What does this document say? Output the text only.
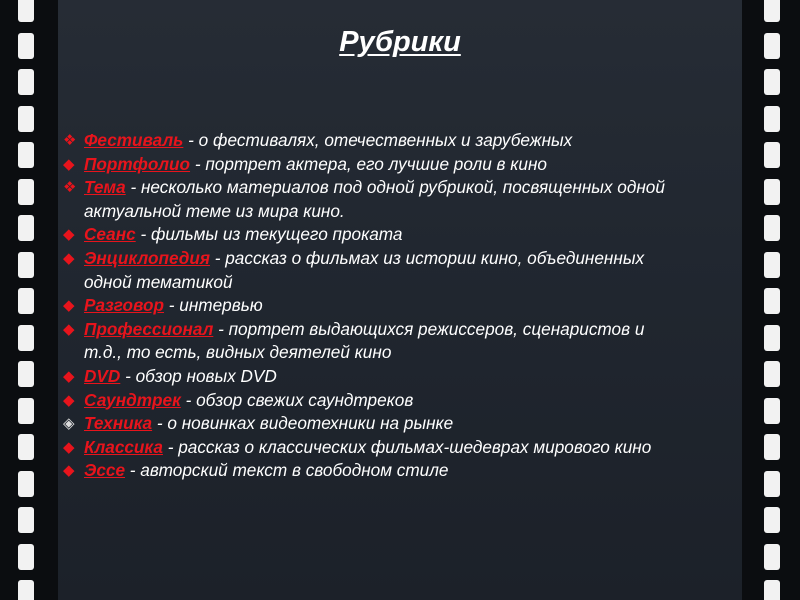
Рубрики
❖ Фестиваль - о фестивалях, отечественных и зарубежных
◆ Портфолио - портрет актера, его лучшие роли в кино
❖ Тема - несколько материалов под одной рубрикой, посвященных одной актуальной теме из мира кино.
◆ Сеанс - фильмы из текущего проката
◆ Энциклопедия - рассказ о фильмах из истории кино, объединенных одной тематикой
◆ Разговор - интервью
◆ Профессионал - портрет выдающихся режиссеров, сценаристов и т.д., то есть, видных деятелей кино
◆ DVD - обзор новых DVD
◆ Саундтрек - обзор свежих саундтреков
◈ Техника - о новинках видеотехники на рынке
◆ Классика - рассказ о классических фильмах-шедеврах мирового кино
◆ Эссе - авторский текст в свободном стиле
